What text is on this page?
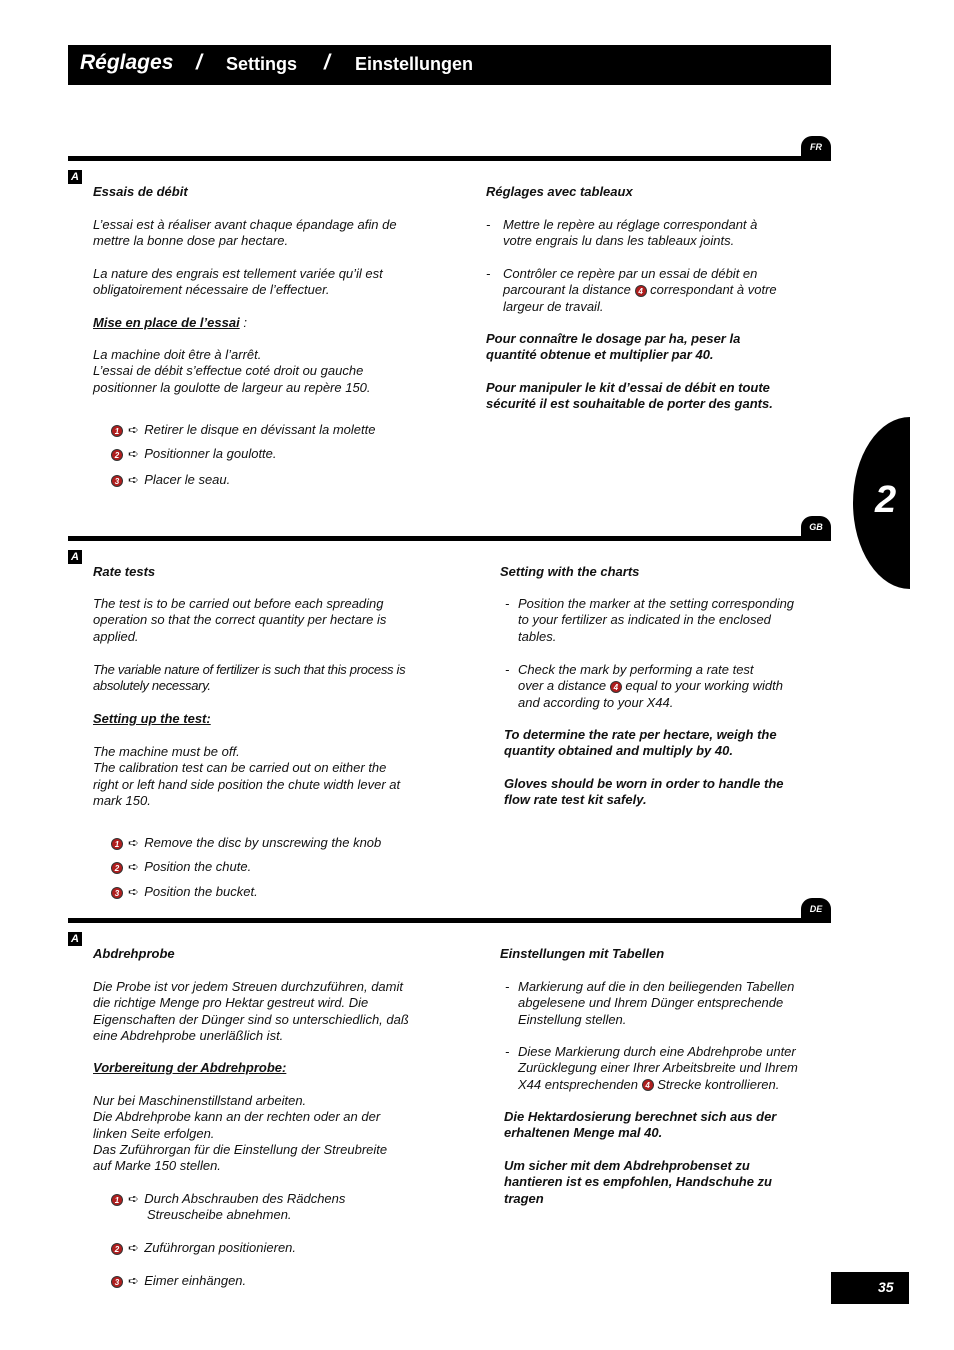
Réglages / Settings / Einstellungen
2
FR
A
Essais de débit
L’essai est à réaliser avant chaque épandage afin de
mettre la bonne dose par hectare.
La nature des engrais est tellement variée qu’il est
obligatoirement nécessaire de l’effectuer.
Mise en place de l’essai :
La machine doit être à l’arrêt.
L’essai de débit s’effectue coté droit ou gauche
positionner la goulotte de largeur au repère 150.
1 ➪ Retirer le disque en dévissant la molette
2 ➪ Positionner la goulotte.
3 ➪ Placer le seau.
Réglages avec tableaux
- Mettre le repère au réglage correspondant à
votre engrais lu dans les tableaux joints.
- Contrôler ce repère par un essai de débit en
parcourant la distance 4 correspondant à votre
largeur de travail.
Pour connaître le dosage par ha, peser la
quantité obtenue et multiplier par 40.
Pour manipuler le kit d’essai de débit en toute
sécurité il est souhaitable de porter des gants.
GB
A
Rate tests
The test is to be carried out before each spreading
operation so that the correct quantity per hectare is
applied.
The variable nature of fertilizer is such that this process is
absolutely necessary.
Setting up the test:
The machine must be off.
The calibration test can be carried out on either the
right or left hand side position the chute width lever at
mark 150.
1 ➪ Remove the disc by unscrewing the knob
2 ➪ Position the chute.
3 ➪ Position the bucket.
Setting with the charts
- Position the marker at the setting corresponding
to your fertilizer as indicated in the enclosed
tables.
- Check the mark by performing a rate test
over a distance 4 equal to your working width
and according to your X44.
To determine the rate per hectare, weigh the
quantity obtained and multiply by 40.
Gloves should be worn in order to handle the
flow rate test kit safely.
DE
A
Abdrehprobe
Die Probe ist vor jedem Streuen durchzuführen, damit
die richtige Menge pro Hektar gestreut wird. Die
Eigenschaften der Dünger sind so unterschiedlich, daß
eine Abdrehprobe unerläßlich ist.
Vorbereitung der Abdrehprobe:
Nur bei Maschinenstillstand arbeiten.
Die Abdrehprobe kann an der rechten oder an der
linken Seite erfolgen.
Das Zuführorgan für die Einstellung der Streubreite
auf Marke 150 stellen.
1 ➪ Durch Abschrauben des Rädchens
Streuscheibe abnehmen.
2 ➪ Zuführorgan positionieren.
3 ➪ Eimer einhängen.
Einstellungen mit Tabellen
- Markierung auf die in den beiliegenden Tabellen
abgelesene und Ihrem Dünger entsprechende
Einstellung stellen.
- Diese Markierung durch eine Abdrehprobe unter
Zurücklegung einer Ihrer Arbeitsbreite und Ihrem
X44 entsprechenden 4 Strecke kontrollieren.
Die Hektardosierung berechnet sich aus der
erhaltenen Menge mal 40.
Um sicher mit dem Abdrehprobenset zu
hantieren ist es empfohlen, Handschuhe zu
tragen
35
